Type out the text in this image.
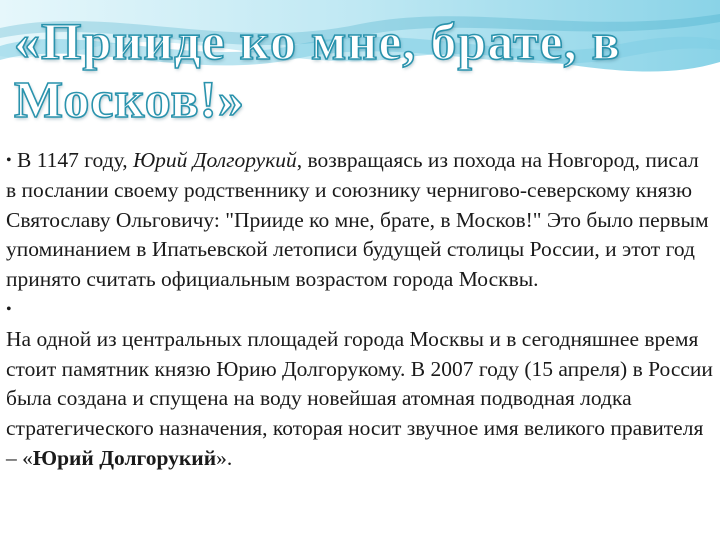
«Прииде ко мне, брате, в Москов!»

• В 1147 году, Юрий Долгорукий, возвращаясь из похода на Новгород, писал в послании своему родственнику и союзнику чернигово-северскому князю Святославу Ольговичу: "Прииде ко мне, брате, в Москов!" Это было первым упоминанием в Ипатьевской летописи будущей столицы России, и этот год принято считать официальным возрастом города Москвы.

•

На одной из центральных площадей города Москвы и в сегодняшнее время стоит памятник князю Юрию Долгорукому. В 2007 году (15 апреля) в России была создана и спущена на воду новейшая атомная подводная лодка стратегического назначения, которая носит звучное имя великого правителя – «Юрий Долгорукий».
